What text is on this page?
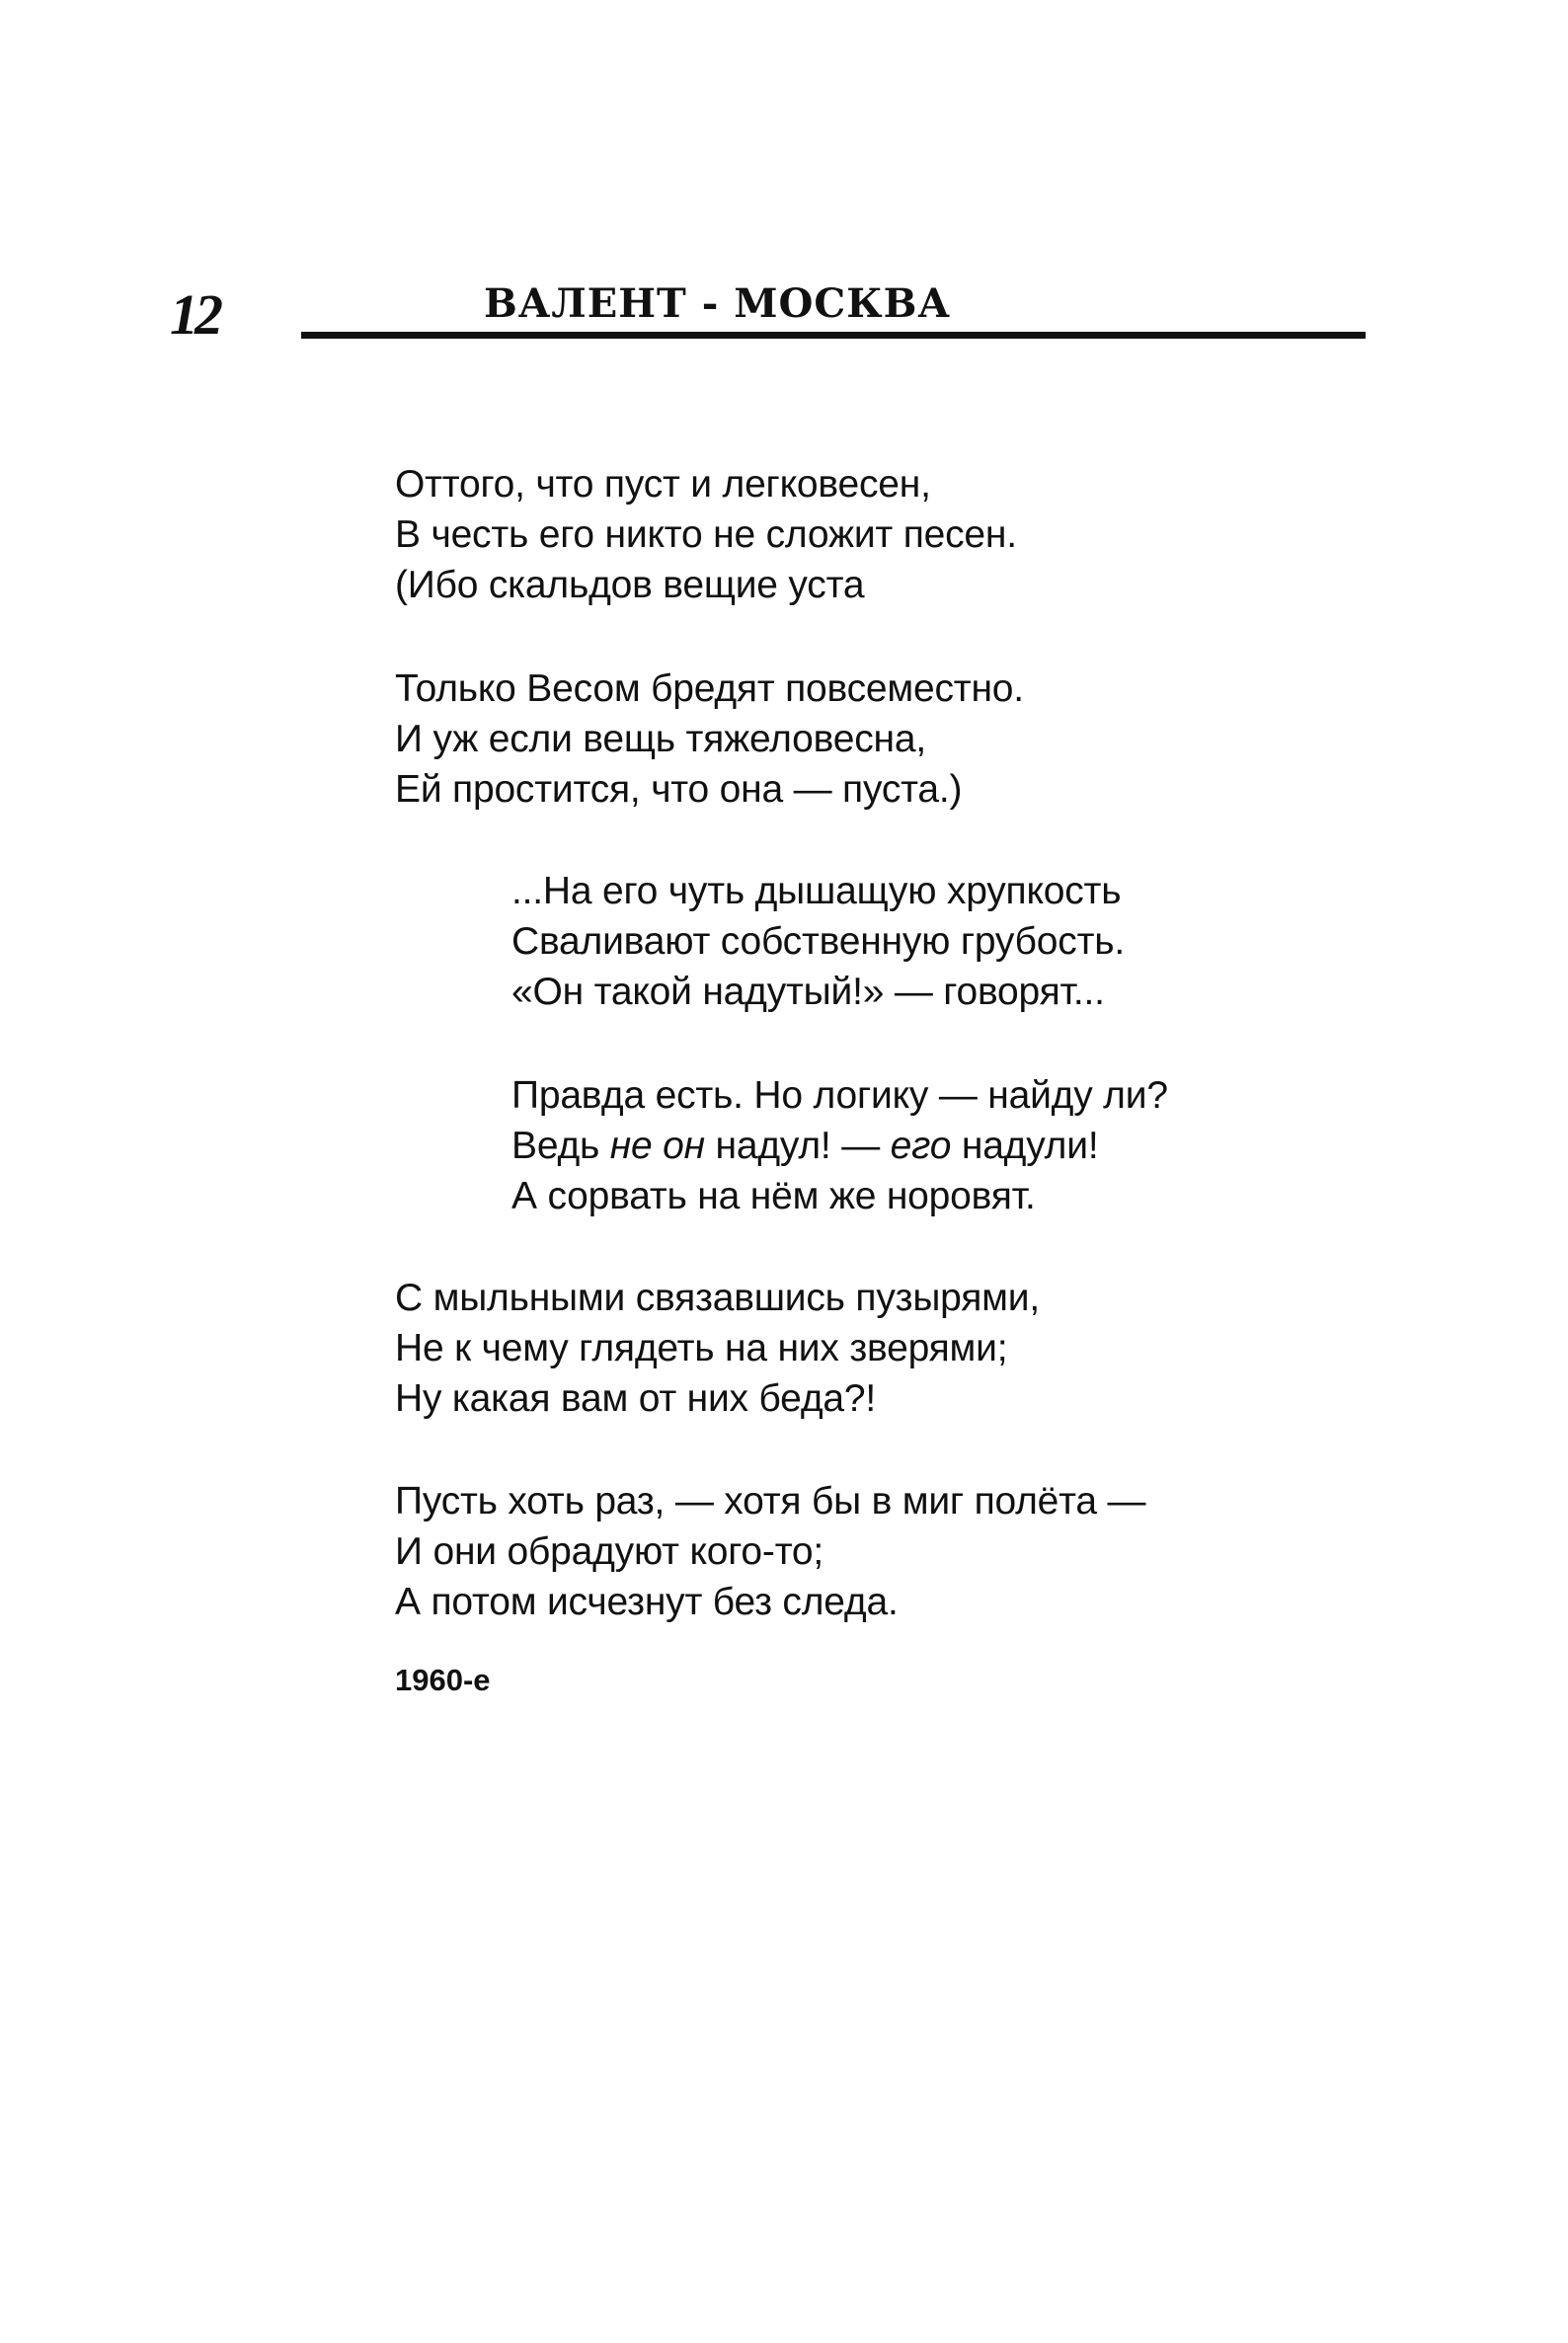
12	ВАЛЕНТ - МОСКВА
Оттого, что пуст и легковесен,
В честь его никто не сложит песен.
(Ибо скальдов вещие уста
Только Весом бредят повсеместно.
И уж если вещь тяжеловесна,
Ей простится, что она — пуста.)
...На его чуть дышащую хрупкость
Сваливают собственную грубость.
«Он такой надутый!» — говорят...
Правда есть. Но логику — найду ли?
Ведь не он надул! — его надули!
А сорвать на нём же норовят.
С мыльными связавшись пузырями,
Не к чему глядеть на них зверями;
Ну какая вам от них беда?!
Пусть хоть раз, — хотя бы в миг полёта —
И они обрадуют кого-то;
А потом исчезнут без следа.
1960-е
